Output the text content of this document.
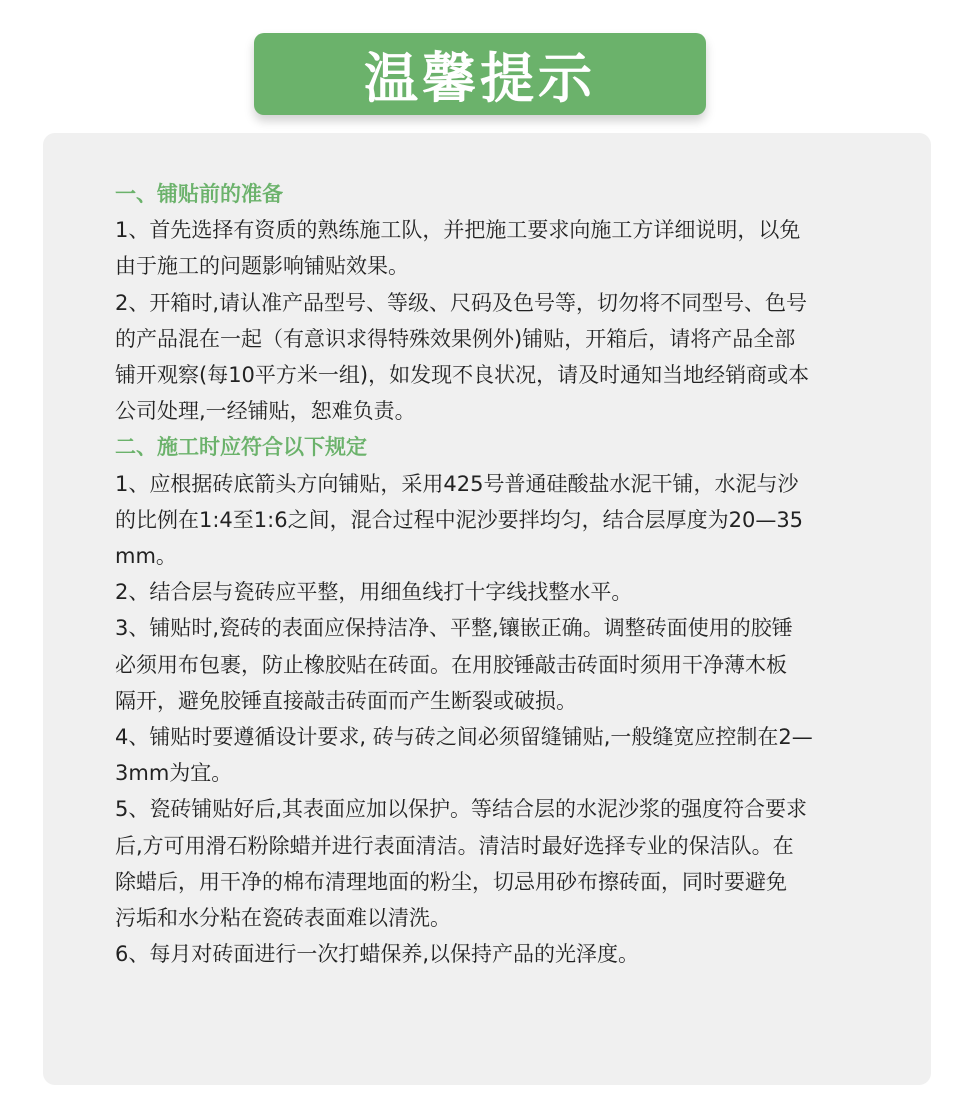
温馨提示
一、铺贴前的准备
1、首先选择有资质的熟练施工队，并把施工要求向施工方详细说明，以免
由于施工的问题影响铺贴效果。
2、开箱时,请认准产品型号、等级、尺码及色号等，切勿将不同型号、色号
的产品混在一起（有意识求得特殊效果例外)铺贴，开箱后，请将产品全部
铺开观察(每10平方米一组)，如发现不良状况，请及时通知当地经销商或本
公司处理,一经铺贴，恕难负责。
二、施工时应符合以下规定
1、应根据砖底箭头方向铺贴，采用425号普通硅酸盐水泥干铺，水泥与沙
的比例在1:4至1:6之间，混合过程中泥沙要拌均匀，结合层厚度为20—35
mm。
2、结合层与瓷砖应平整，用细鱼线打十字线找整水平。
3、铺贴时,瓷砖的表面应保持洁净、平整,镶嵌正确。调整砖面使用的胶锤
必须用布包裹，防止橡胶贴在砖面。在用胶锤敲击砖面时须用干净薄木板
隔开，避免胶锤直接敲击砖面而产生断裂或破损。
4、铺贴时要遵循设计要求, 砖与砖之间必须留缝铺贴,一般缝宽应控制在2—
3mm为宜。
5、瓷砖铺贴好后,其表面应加以保护。等结合层的水泥沙浆的强度符合要求
后,方可用滑石粉除蜡并进行表面清洁。清洁时最好选择专业的保洁队。在
除蜡后，用干净的棉布清理地面的粉尘，切忌用砂布擦砖面，同时要避免
污垢和水分粘在瓷砖表面难以清洗。
6、每月对砖面进行一次打蜡保养,以保持产品的光泽度。
